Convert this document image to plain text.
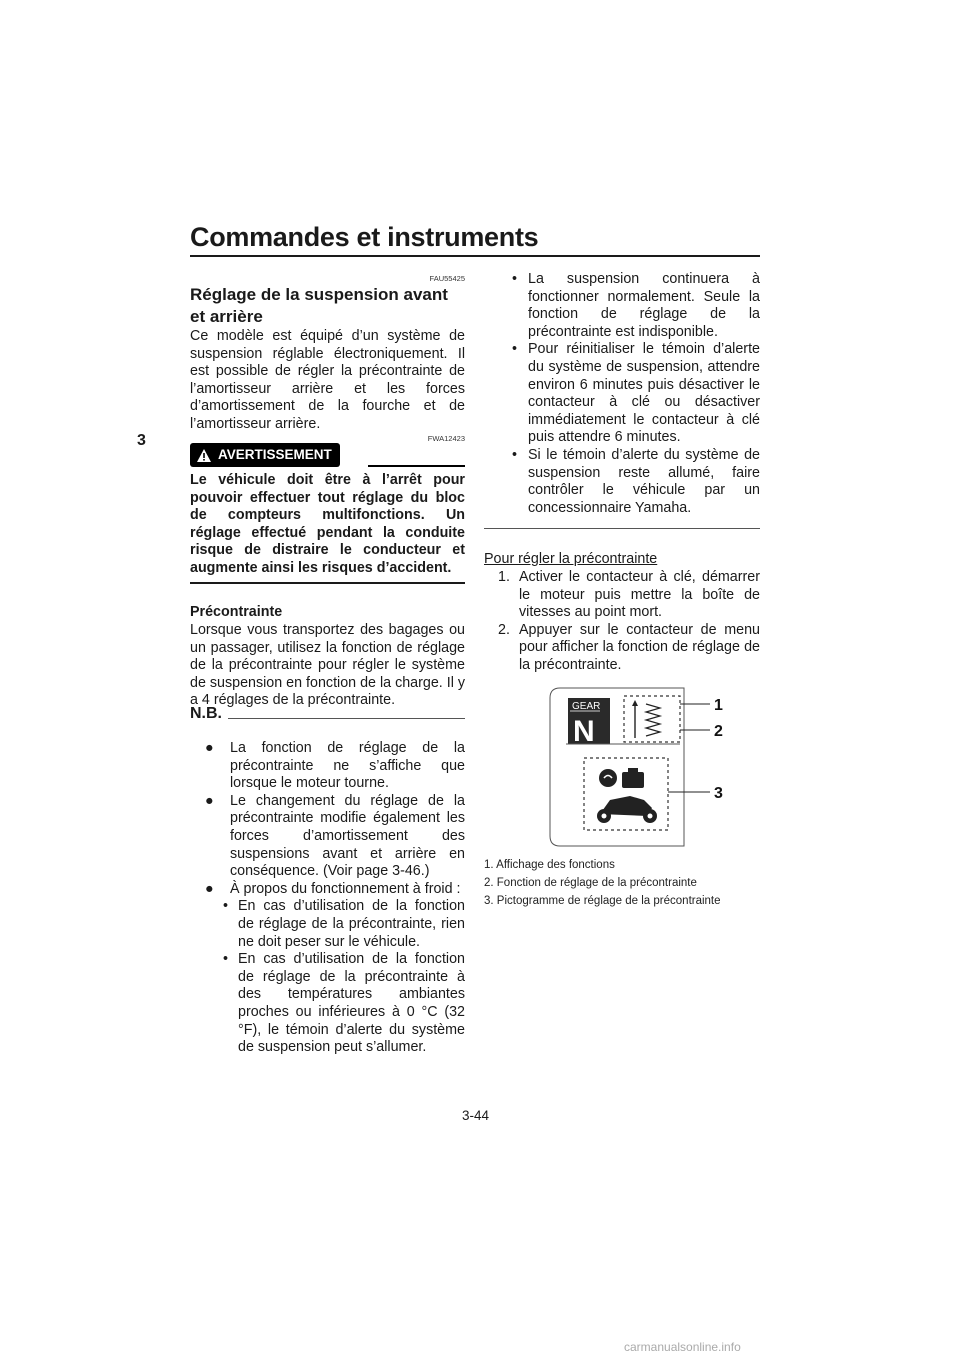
Commandes et instruments
3
FAU55425
Réglage de la suspension avant et arrière
Ce modèle est équipé d’un système de suspension réglable électroniquement. Il est possible de régler la précontrainte de l’amortisseur arrière et les forces d’amortissement de la fourche et de l’amortisseur arrière.
FWA12423
AVERTISSEMENT
Le véhicule doit être à l’arrêt pour pouvoir effectuer tout réglage du bloc de compteurs multifonctions. Un réglage effectué pendant la conduite risque de distraire le conducteur et augmente ainsi les risques d’accident.
Précontrainte
Lorsque vous transportez des bagages ou un passager, utilisez la fonction de réglage de la précontrainte pour régler le système de suspension en fonction de la charge. Il y a 4 réglages de la précontrainte.
N.B.
● La fonction de réglage de la précontrainte ne s’affiche que lorsque le moteur tourne.
● Le changement du réglage de la précontrainte modifie également les forces d’amortissement des suspensions avant et arrière en conséquence. (Voir page 3-46.)
● À propos du fonctionnement à froid :
• En cas d’utilisation de la fonction de réglage de la précontrainte, rien ne doit peser sur le véhicule.
• En cas d’utilisation de la fonction de réglage de la précontrainte à des températures ambiantes proches ou inférieures à 0 °C (32 °F), le témoin d’alerte du système de suspension peut s’allumer.
• La suspension continuera à fonctionner normalement. Seule la fonction de réglage de la précontrainte est indisponible.
• Pour réinitialiser le témoin d’alerte du système de suspension, attendre environ 6 minutes puis désactiver le contacteur à clé ou désactiver immédiatement le contacteur à clé puis attendre 6 minutes.
• Si le témoin d’alerte du système de suspension reste allumé, faire contrôler le véhicule par un concessionnaire Yamaha.
Pour régler la précontrainte
1. Activer le contacteur à clé, démarrer le moteur puis mettre la boîte de vitesses au point mort.
2. Appuyer sur le contacteur de menu pour afficher la fonction de réglage de la précontrainte.
GEAR
N
1
2
3
1. Affichage des fonctions
2. Fonction de réglage de la précontrainte
3. Pictogramme de réglage de la précontrainte
3-44
carmanualsonline.info
